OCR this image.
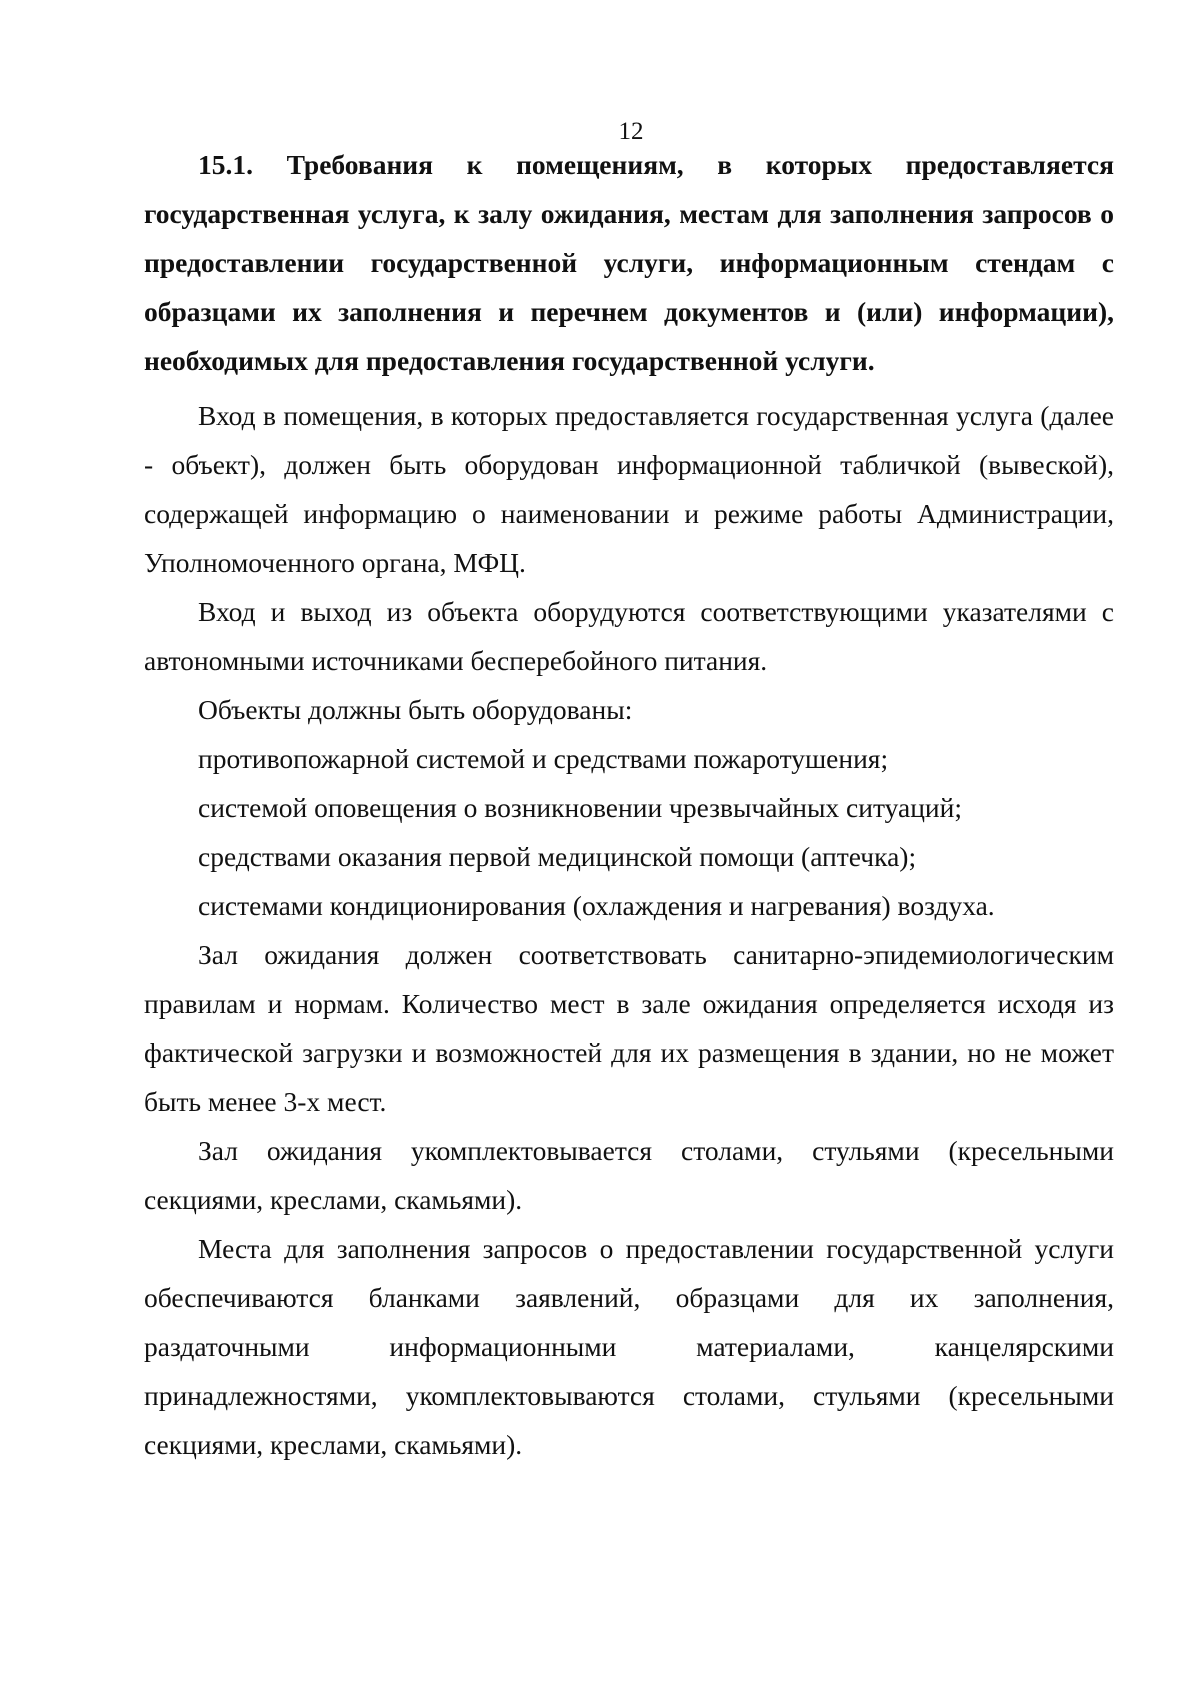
12

15.1. Требования к помещениям, в которых предоставляется государственная услуга, к залу ожидания, местам для заполнения запросов о предоставлении государственной услуги, информационным стендам с образцами их заполнения и перечнем документов и (или) информации), необходимых для предоставления государственной услуги.

Вход в помещения, в которых предоставляется государственная услуга (далее - объект), должен быть оборудован информационной табличкой (вывеской), содержащей информацию о наименовании и режиме работы Администрации, Уполномоченного органа, МФЦ.

Вход и выход из объекта оборудуются соответствующими указателями с автономными источниками бесперебойного питания.

Объекты должны быть оборудованы:

противопожарной системой и средствами пожаротушения;

системой оповещения о возникновении чрезвычайных ситуаций;

средствами оказания первой медицинской помощи (аптечка);

системами кондиционирования (охлаждения и нагревания) воздуха.

Зал ожидания должен соответствовать санитарно-эпидемиологическим правилам и нормам. Количество мест в зале ожидания определяется исходя из фактической загрузки и возможностей для их размещения в здании, но не может быть менее 3-х мест.

Зал ожидания укомплектовывается столами, стульями (кресельными секциями, креслами, скамьями).

Места для заполнения запросов о предоставлении государственной услуги обеспечиваются бланками заявлений, образцами для их заполнения, раздаточными информационными материалами, канцелярскими принадлежностями, укомплектовываются столами, стульями (кресельными секциями, креслами, скамьями).
